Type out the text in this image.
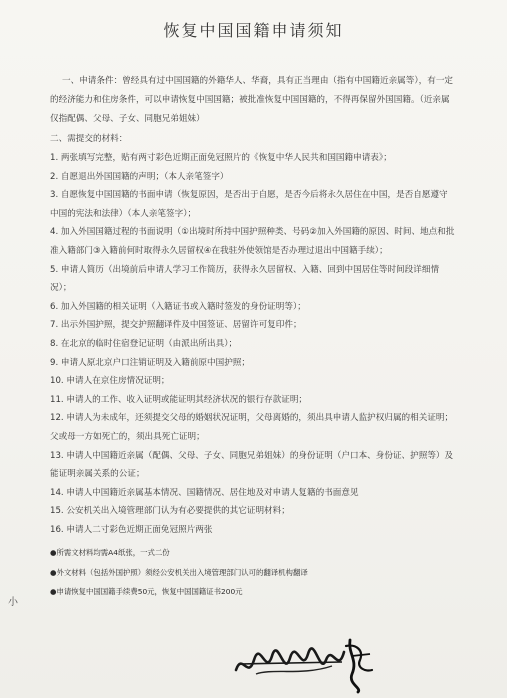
恢复中国国籍申请须知

一、申请条件：曾经具有过中国国籍的外籍华人、华裔，具有正当理由（指有中国籍近亲属等），有一定的经济能力和住房条件，可以申请恢复中国国籍；被批准恢复中国国籍的，不得再保留外国国籍。（近亲属仅指配偶、父母、子女、同胞兄弟姐妹）

二、需提交的材料：

1. 两张填写完整，贴有两寸彩色近期正面免冠照片的《恢复中华人民共和国国籍申请表》；

2. 自愿退出外国国籍的声明；（本人亲笔签字）

3. 自愿恢复中国国籍的书面申请（恢复原因，是否出于自愿，是否今后将永久居住在中国，是否自愿遵守中国的宪法和法律）（本人亲笔签字）；

4. 加入外国国籍过程的书面说明（①出境时所持中国护照种类、号码②加入外国籍的原因、时间、地点和批准入籍部门③入籍前何时取得永久居留权④在我驻外使领馆是否办理过退出中国籍手续）；

5. 申请人简历（出境前后申请人学习工作简历，获得永久居留权、入籍、回到中国居住等时间段详细情况）；

6. 加入外国籍的相关证明（入籍证书或入籍时签发的身份证明等）；

7. 出示外国护照，提交护照翻译件及中国签证、居留许可复印件；

8. 在北京的临时住宿登记证明（由派出所出具）；

9. 申请人原北京户口注销证明及入籍前原中国护照；

10. 申请人在京住房情况证明；

11. 申请人的工作、收入证明或能证明其经济状况的银行存款证明；

12. 申请人为未成年，还须提交父母的婚姻状况证明，父母离婚的，须出具申请人监护权归属的相关证明；父或母一方如死亡的，须出具死亡证明；

13. 申请人中国籍近亲属（配偶、父母、子女、同胞兄弟姐妹）的身份证明（户口本、身份证、护照等）及能证明亲属关系的公证；

14. 申请人中国籍近亲属基本情况、国籍情况、居住地及对申请人复籍的书面意见

15. 公安机关出入境管理部门认为有必要提供的其它证明材料；

16. 申请人二寸彩色近期正面免冠照片两张

●所需文材料均需A4纸张，一式二份

●外文材料（包括外国护照）须经公安机关出入境管理部门认可的翻译机构翻译

●申请恢复中国国籍手续费50元，恢复中国国籍证书200元

小
